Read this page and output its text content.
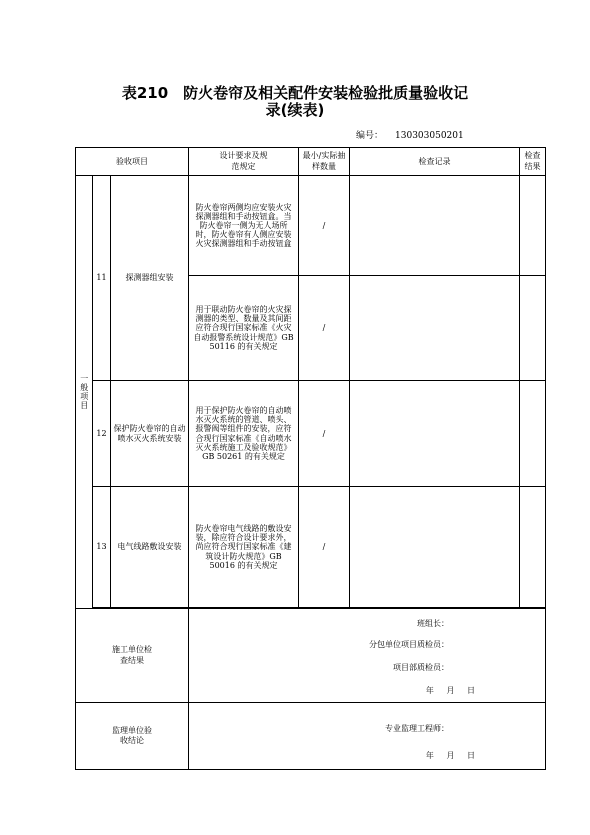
表210　防火卷帘及相关配件安装检验批质量验收记
录(续表)
编号： 130303050201
验收项目			设计要求及规范规定	最小/实际抽样数量	检查记录	检查结果

一般项目	11	探测器组安装	防火卷帘两侧均应安装火灾探测器组和手动按钮盒。当防火卷帘一侧为无人场所时，防火卷帘有人侧应安装火灾探测器组和手动按钮盒	/		
			用于联动防火卷帘的火灾探测器的类型、数量及其间距应符合现行国家标准《火灾自动报警系统设计规范》GB 50116 的有关规定	/		
	12	保护防火卷帘的自动喷水灭火系统安装	用于保护防火卷帘的自动喷水灭火系统的管道、喷头、报警阀等组件的安装，应符合现行国家标准《自动喷水灭火系统施工及验收规范》GB 50261 的有关规定	/		
	13	电气线路敷设安装	防火卷帘电气线路的敷设安装，除应符合设计要求外，尚应符合现行国家标准《建筑设计防火规范》GB 50016 的有关规定	/		

施工单位检查结果			班组长：
分包单位项目质检员：
项目部质检员：
年 月 日			

监理单位验收结论			专业监理工程师：
年 月 日			
